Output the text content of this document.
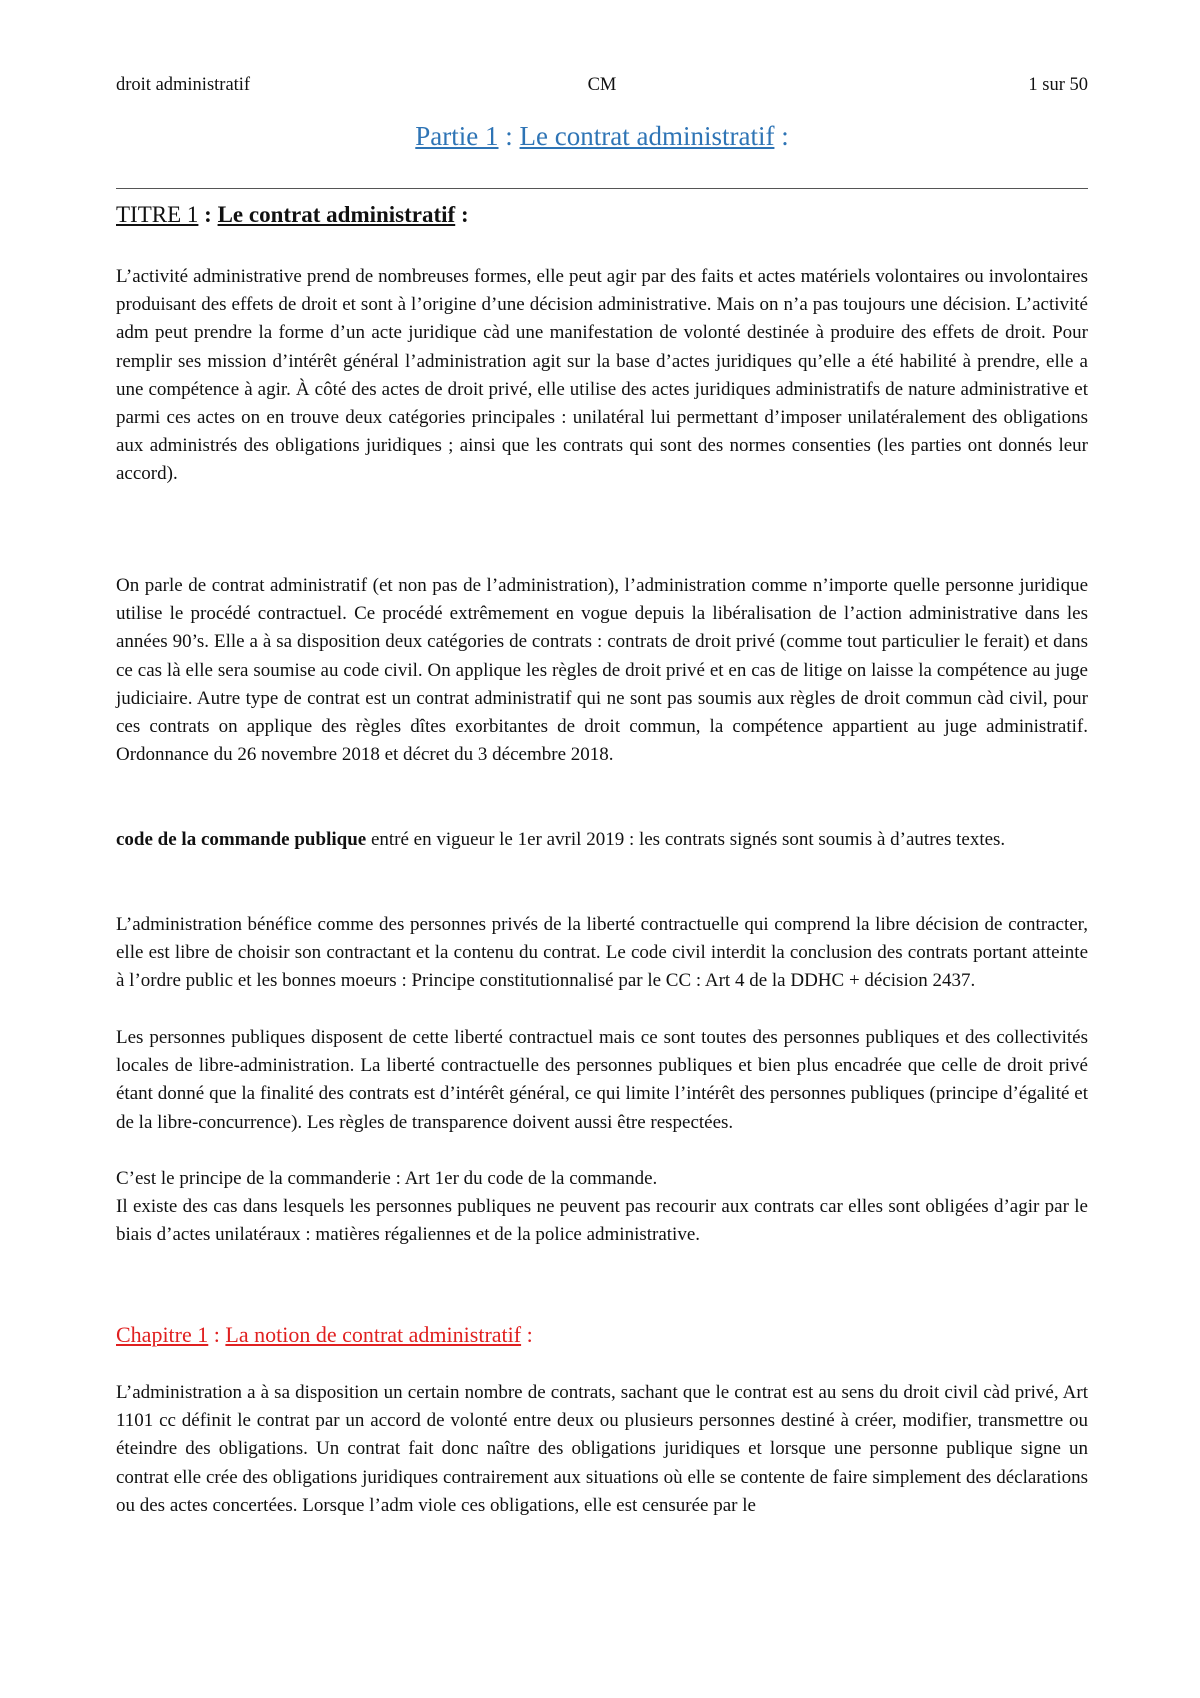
CM
droit administratif	1 sur 50
Partie 1 : Le contrat administratif :
TITRE 1 : Le contrat administratif :

L’activité administrative prend de nombreuses formes, elle peut agir par des faits et actes matériels volontaires ou involontaires produisant des effets de droit et sont à l’origine d’une décision administrative. Mais on n’a pas toujours une décision. L’activité adm peut prendre la forme d’un acte juridique càd une manifestation de volonté destinée à produire des effets de droit. Pour remplir ses mission d’intérêt général l’administration agit sur la base d’actes juridiques qu’elle a été habilité à prendre, elle a une compétence à agir. À côté des actes de droit privé, elle utilise des actes juridiques administratifs de nature administrative et parmi ces actes on en trouve deux catégories principales : unilatéral lui permettant d’imposer unilatéralement des obligations aux administrés des obligations juridiques ; ainsi que les contrats qui sont des normes consenties (les parties ont donnés leur accord).

On parle de contrat administratif (et non pas de l’administration), l’administration comme n’importe quelle personne juridique utilise le procédé contractuel. Ce procédé extrêmement en vogue depuis la libéralisation de l’action administrative dans les années 90’s. Elle a à sa disposition deux catégories de contrats : contrats de droit privé (comme tout particulier le ferait) et dans ce cas là elle sera soumise au code civil. On applique les règles de droit privé et en cas de litige on laisse la compétence au juge judiciaire. Autre type de contrat est un contrat administratif qui ne sont pas soumis aux règles de droit commun càd civil, pour ces contrats on applique des règles dîtes exorbitantes de droit commun, la compétence appartient au juge administratif. Ordonnance du 26 novembre 2018 et décret du 3 décembre 2018.

code de la commande publique entré en vigueur le 1er avril 2019 : les contrats signés sont soumis à d’autres textes.

L’administration bénéfice comme des personnes privés de la liberté contractuelle qui comprend la libre décision de contracter, elle est libre de choisir son contractant et la contenu du contrat. Le code civil interdit la conclusion des contrats portant atteinte à l’ordre public et les bonnes moeurs : Principe constitutionnalisé par le CC : Art 4 de la DDHC + décision 2437.

Les personnes publiques disposent de cette liberté contractuel mais ce sont toutes des personnes publiques et des collectivités locales de libre-administration. La liberté contractuelle des personnes publiques et bien plus encadrée que celle de droit privé étant donné que la finalité des contrats est d’intérêt général, ce qui limite l’intérêt des personnes publiques (principe d’égalité et de la libre-concurrence). Les règles de transparence doivent aussi être respectées.

C’est le principe de la commanderie : Art 1er du code de la commande.

Il existe des cas dans lesquels les personnes publiques ne peuvent pas recourir aux contrats car elles sont obligées d’agir par le biais d’actes unilatéraux : matières régaliennes et de la police administrative.

Chapitre 1 : La notion de contrat administratif :

L’administration a à sa disposition un certain nombre de contrats, sachant que le contrat est au sens du droit civil càd privé, Art 1101 cc définit le contrat par un accord de volonté entre deux ou plusieurs personnes destiné à créer, modifier, transmettre ou éteindre des obligations. Un contrat fait donc naître des obligations juridiques et lorsque une personne publique signe un contrat elle crée des obligations juridiques contrairement aux situations où elle se contente de faire simplement des déclarations ou des actes concertées. Lorsque l’adm viole ces obligations, elle est censurée par le
